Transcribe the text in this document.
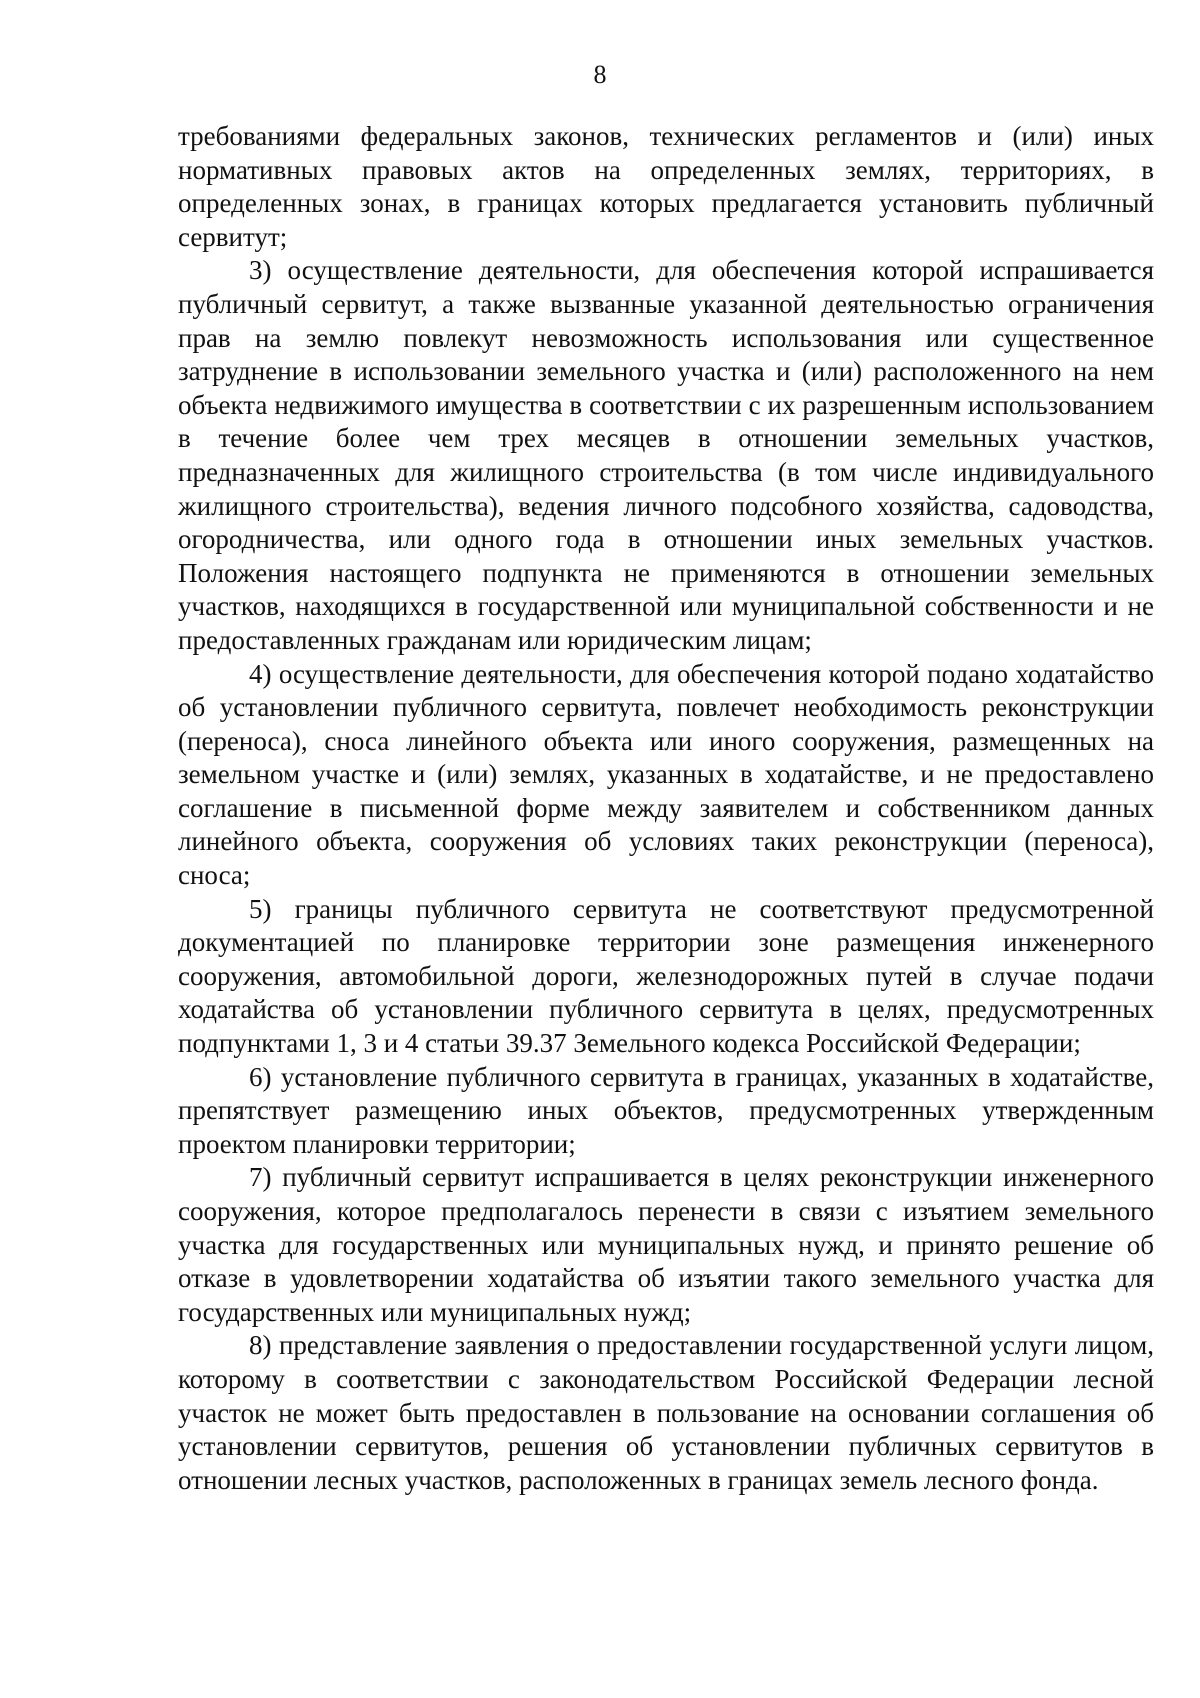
8

требованиями федеральных законов, технических регламентов и (или) иных нормативных правовых актов на определенных землях, территориях, в определенных зонах, в границах которых предлагается установить публичный сервитут;

3) осуществление деятельности, для обеспечения которой испрашивается публичный сервитут, а также вызванные указанной деятельностью ограничения прав на землю повлекут невозможность использования или существенное затруднение в использовании земельного участка и (или) расположенного на нем объекта недвижимого имущества в соответствии с их разрешенным использованием в течение более чем трех месяцев в отношении земельных участков, предназначенных для жилищного строительства (в том числе индивидуального жилищного строительства), ведения личного подсобного хозяйства, садоводства, огородничества, или одного года в отношении иных земельных участков. Положения настоящего подпункта не применяются в отношении земельных участков, находящихся в государственной или муниципальной собственности и не предоставленных гражданам или юридическим лицам;

4) осуществление деятельности, для обеспечения которой подано ходатайство об установлении публичного сервитута, повлечет необходимость реконструкции (переноса), сноса линейного объекта или иного сооружения, размещенных на земельном участке и (или) землях, указанных в ходатайстве, и не предоставлено соглашение в письменной форме между заявителем и собственником данных линейного объекта, сооружения об условиях таких реконструкции (переноса), сноса;

5) границы публичного сервитута не соответствуют предусмотренной документацией по планировке территории зоне размещения инженерного сооружения, автомобильной дороги, железнодорожных путей в случае подачи ходатайства об установлении публичного сервитута в целях, предусмотренных подпунктами 1, 3 и 4 статьи 39.37 Земельного кодекса Российской Федерации;

6) установление публичного сервитута в границах, указанных в ходатайстве, препятствует размещению иных объектов, предусмотренных утвержденным проектом планировки территории;

7) публичный сервитут испрашивается в целях реконструкции инженерного сооружения, которое предполагалось перенести в связи с изъятием земельного участка для государственных или муниципальных нужд, и принято решение об отказе в удовлетворении ходатайства об изъятии такого земельного участка для государственных или муниципальных нужд;

8) представление заявления о предоставлении государственной услуги лицом, которому в соответствии с законодательством Российской Федерации лесной участок не может быть предоставлен в пользование на основании соглашения об установлении сервитутов, решения об установлении публичных сервитутов в отношении лесных участков, расположенных в границах земель лесного фонда.
